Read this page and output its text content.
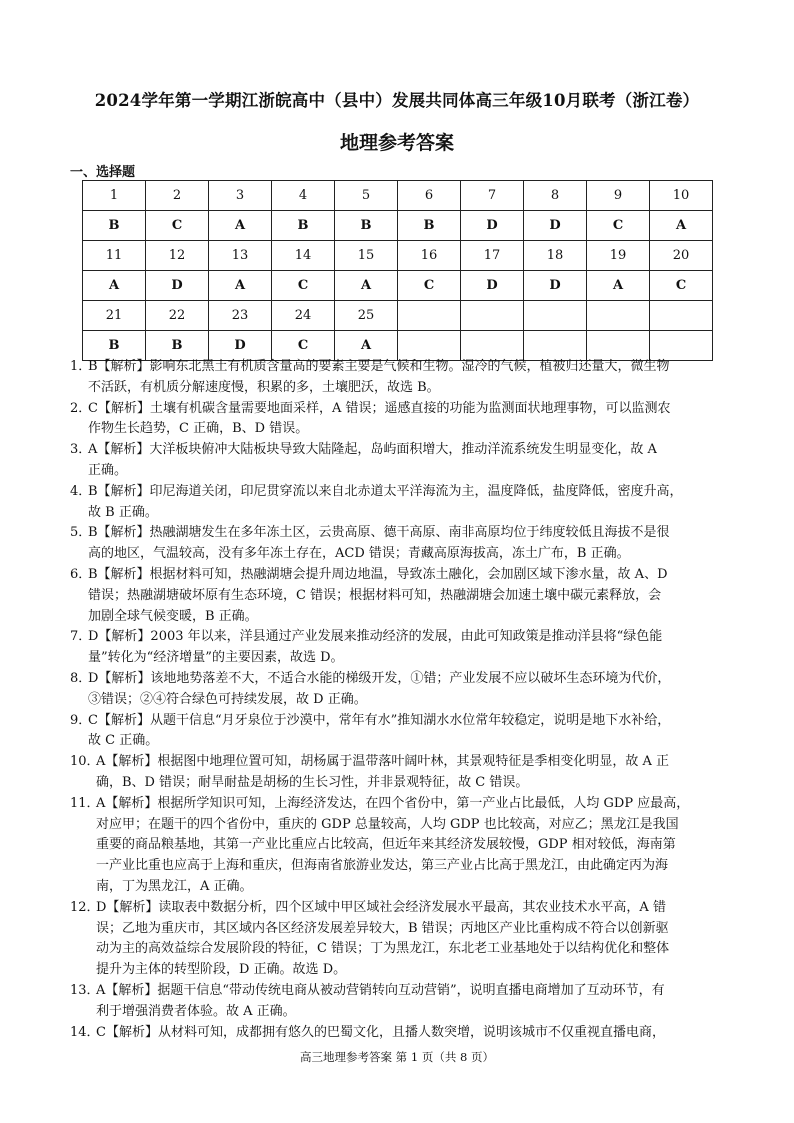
2024学年第一学期江浙皖高中（县中）发展共同体高三年级10月联考（浙江卷）
地理参考答案
一、选择题
1	2	3	4	5	6	7	8	9	10
B	C	A	B	B	B	D	D	C	A
11	12	13	14	15	16	17	18	19	20
A	D	A	C	A	C	D	D	A	C
21	22	23	24	25					
B	B	D	C	A					
1．
B【解析】影响东北黑土有机质含量高的要素主要是气候和生物。湿冷的气候，植被归还量大，微生物
不活跃，有机质分解速度慢，积累的多，土壤肥沃，故选 B。
2．
C【解析】土壤有机碳含量需要地面采样，A 错误；遥感直接的功能为监测面状地理事物，可以监测农
作物生长趋势，C 正确，B、D 错误。
3．
A【解析】大洋板块俯冲大陆板块导致大陆隆起，岛屿面积增大，推动洋流系统发生明显变化，故 A
正确。
4．
B【解析】印尼海道关闭，印尼贯穿流以来自北赤道太平洋海流为主，温度降低，盐度降低，密度升高，
故 B 正确。
5．
B【解析】热融湖塘发生在多年冻土区，云贵高原、德干高原、南非高原均位于纬度较低且海拔不是很
高的地区，气温较高，没有多年冻土存在，ACD 错误；青藏高原海拔高，冻土广布，B 正确。
6．
B【解析】根据材料可知，热融湖塘会提升周边地温，导致冻土融化，会加剧区域下渗水量，故 A、D
错误；热融湖塘破坏原有生态环境，C 错误；根据材料可知，热融湖塘会加速土壤中碳元素释放，会
加剧全球气候变暖，B 正确。
7．
D【解析】2003 年以来，洋县通过产业发展来推动经济的发展，由此可知政策是推动洋县将“绿色能
量”转化为“经济增量”的主要因素，故选 D。
8．
D【解析】该地地势落差不大，不适合水能的梯级开发，①错；产业发展不应以破坏生态环境为代价，
③错误；②④符合绿色可持续发展，故 D 正确。
9．
C【解析】从题干信息“月牙泉位于沙漠中，常年有水”推知湖水水位常年较稳定，说明是地下水补给，
故 C 正确。
10．
A【解析】根据图中地理位置可知，胡杨属于温带落叶阔叶林，其景观特征是季相变化明显，故 A 正
确，B、D 错误；耐旱耐盐是胡杨的生长习性，并非景观特征，故 C 错误。
11．
A【解析】根据所学知识可知，上海经济发达，在四个省份中，第一产业占比最低，人均 GDP 应最高，
对应甲；在题干的四个省份中，重庆的 GDP 总量较高，人均 GDP 也比较高，对应乙；黑龙江是我国
重要的商品粮基地，其第一产业比重应占比较高，但近年来其经济发展较慢，GDP 相对较低，海南第
一产业比重也应高于上海和重庆，但海南省旅游业发达，第三产业占比高于黑龙江，由此确定丙为海
南，丁为黑龙江，A 正确。
12．
D【解析】读取表中数据分析，四个区域中甲区域社会经济发展水平最高，其农业技术水平高，A 错
误；乙地为重庆市，其区域内各区经济发展差异较大，B 错误；丙地区产业比重构成不符合以创新驱
动为主的高效益综合发展阶段的特征，C 错误；丁为黑龙江，东北老工业基地处于以结构优化和整体
提升为主体的转型阶段，D 正确。故选 D。
13．
A【解析】据题干信息“带动传统电商从被动营销转向互动营销”，说明直播电商增加了互动环节，有
利于增强消费者体验。故 A 正确。
14．
C【解析】从材料可知，成都拥有悠久的巴蜀文化，且播人数突增，说明该城市不仅重视直播电商，
高三地理参考答案 第 1 页（共 8 页）
